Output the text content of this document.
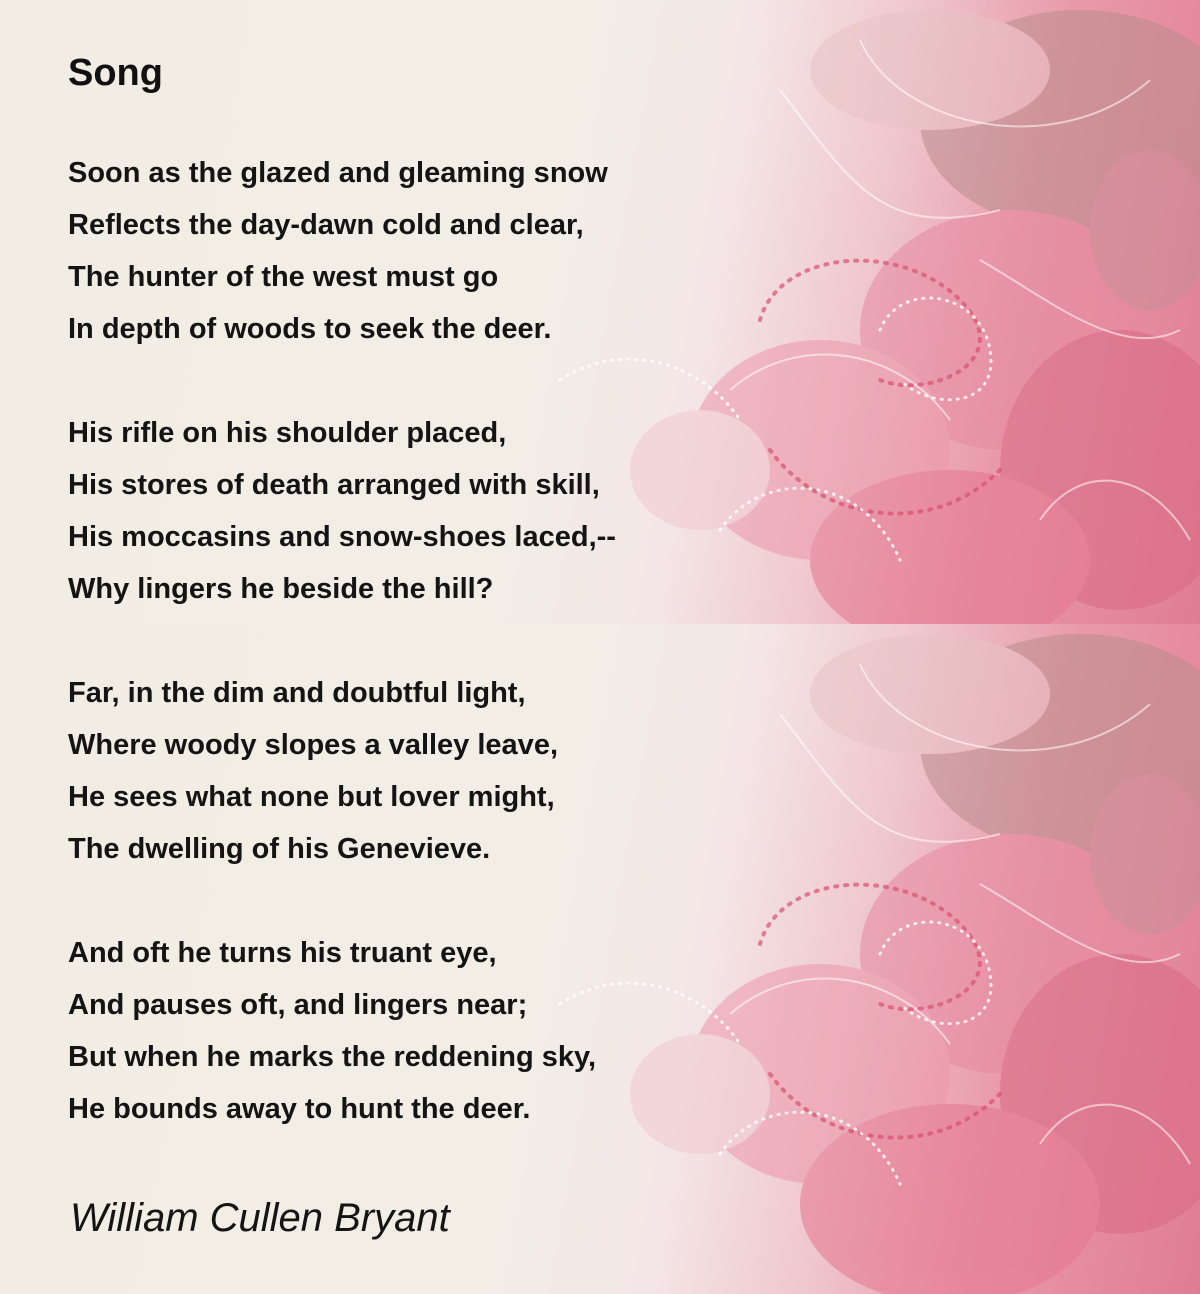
Song
Soon as the glazed and gleaming snow
Reflects the day-dawn cold and clear,
The hunter of the west must go
In depth of woods to seek the deer.
His rifle on his shoulder placed,
His stores of death arranged with skill,
His moccasins and snow-shoes laced,--
Why lingers he beside the hill?
Far, in the dim and doubtful light,
Where woody slopes a valley leave,
He sees what none but lover might,
The dwelling of his Genevieve.
And oft he turns his truant eye,
And pauses oft, and lingers near;
But when he marks the reddening sky,
He bounds away to hunt the deer.
William Cullen Bryant
